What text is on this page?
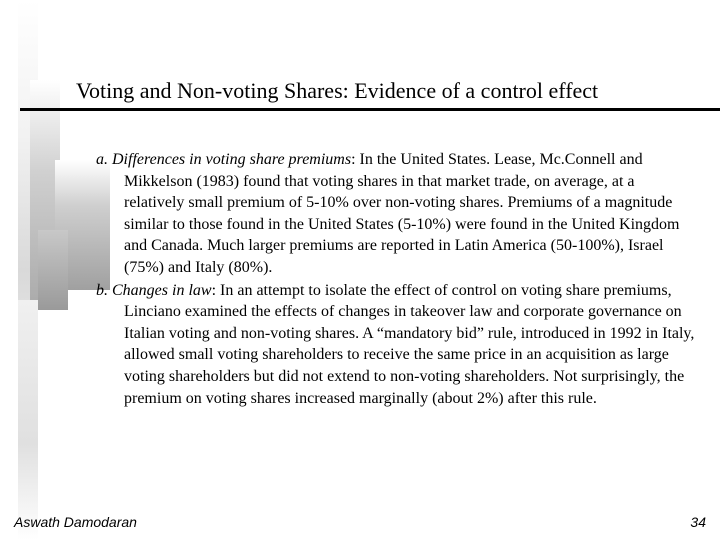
Voting and Non-voting Shares: Evidence of a control effect

a. Differences in voting share premiums: In the United States. Lease, Mc.Connell and Mikkelson (1983) found that voting shares in that market trade, on average, at a relatively small premium of 5-10% over non-voting shares. Premiums of a magnitude similar to those found in the United States (5-10%) were found in the United Kingdom and Canada. Much larger premiums are reported in Latin America (50-100%), Israel (75%) and Italy (80%).

b. Changes in law: In an attempt to isolate the effect of control on voting share premiums, Linciano examined the effects of changes in takeover law and corporate governance on Italian voting and non-voting shares. A “mandatory bid” rule, introduced in 1992 in Italy, allowed small voting shareholders to receive the same price in an acquisition as large voting shareholders but did not extend to non-voting shareholders. Not surprisingly, the premium on voting shares increased marginally (about 2%) after this rule.

Aswath Damodaran	34
